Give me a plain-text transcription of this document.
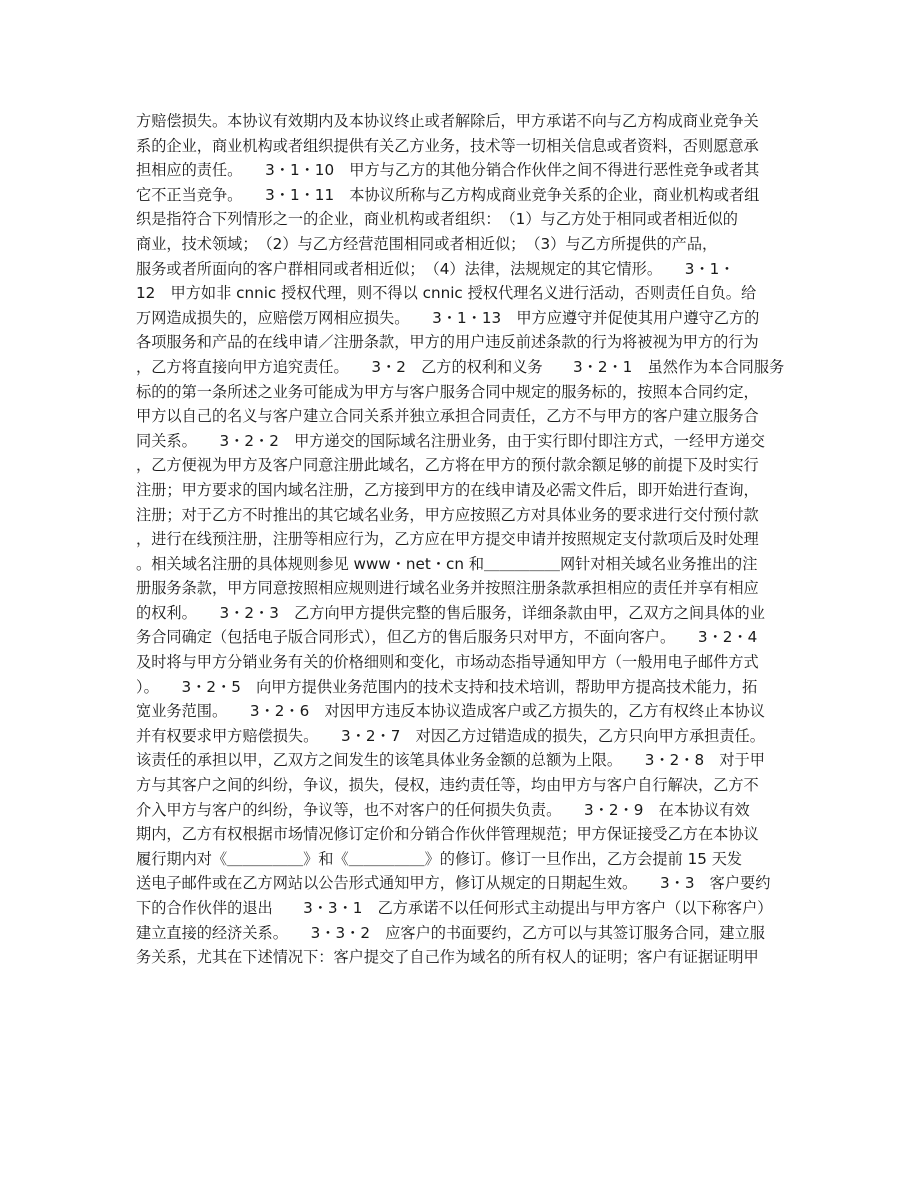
方赔偿损失。本协议有效期内及本协议终止或者解除后，甲方承诺不向与乙方构成商业竞争关
系的企业，商业机构或者组织提供有关乙方业务，技术等一切相关信息或者资料，否则愿意承
担相应的责任。　　3・1・10　甲方与乙方的其他分销合作伙伴之间不得进行恶性竞争或者其
它不正当竞争。　　3・1・11　本协议所称与乙方构成商业竞争关系的企业，商业机构或者组
织是指符合下列情形之一的企业，商业机构或者组织：　（1）与乙方处于相同或者相近似的
商业，技术领域；　（2）与乙方经营范围相同或者相近似；　（3）与乙方所提供的产品，
服务或者所面向的客户群相同或者相近似；　（4）法律，法规规定的其它情形。　　3・1・
12　甲方如非 cnnic 授权代理，则不得以 cnnic 授权代理名义进行活动，否则责任自负。给
万网造成损失的，应赔偿万网相应损失。　　3・1・13　甲方应遵守并促使其用户遵守乙方的
各项服务和产品的在线申请／注册条款，甲方的用户违反前述条款的行为将被视为甲方的行为
，乙方将直接向甲方追究责任。　　3・2　乙方的权利和义务　　3・2・1　虽然作为本合同服务
标的的第一条所述之业务可能成为甲方与客户服务合同中规定的服务标的，按照本合同约定，
甲方以自己的名义与客户建立合同关系并独立承担合同责任，乙方不与甲方的客户建立服务合
同关系。　　3・2・2　甲方递交的国际域名注册业务，由于实行即付即注方式，一经甲方递交
，乙方便视为甲方及客户同意注册此域名，乙方将在甲方的预付款余额足够的前提下及时实行
注册；甲方要求的国内域名注册，乙方接到甲方的在线申请及必需文件后，即开始进行查询，
注册；对于乙方不时推出的其它域名业务，甲方应按照乙方对具体业务的要求进行交付预付款
，进行在线预注册，注册等相应行为，乙方应在甲方提交申请并按照规定支付款项后及时处理
。相关域名注册的具体规则参见 www・net・cn 和＿＿＿＿＿网针对相关域名业务推出的注
册服务条款，甲方同意按照相应规则进行域名业务并按照注册条款承担相应的责任并享有相应
的权利。　　3・2・3　乙方向甲方提供完整的售后服务，详细条款由甲，乙双方之间具体的业
务合同确定（包括电子版合同形式），但乙方的售后服务只对甲方，不面向客户。　　3・2・4
及时将与甲方分销业务有关的价格细则和变化，市场动态指导通知甲方（一般用电子邮件方式
）。　　3・2・5　向甲方提供业务范围内的技术支持和技术培训，帮助甲方提高技术能力，拓
宽业务范围。　　3・2・6　对因甲方违反本协议造成客户或乙方损失的，乙方有权终止本协议
并有权要求甲方赔偿损失。　　3・2・7　对因乙方过错造成的损失，乙方只向甲方承担责任。
该责任的承担以甲，乙双方之间发生的该笔具体业务金额的总额为上限。　　3・2・8　对于甲
方与其客户之间的纠纷，争议，损失，侵权，违约责任等，均由甲方与客户自行解决，乙方不
介入甲方与客户的纠纷，争议等，也不对客户的任何损失负责。　　3・2・9　在本协议有效
期内，乙方有权根据市场情况修订定价和分销合作伙伴管理规范；甲方保证接受乙方在本协议
履行期内对《＿＿＿＿＿》和《＿＿＿＿＿》的修订。修订一旦作出，乙方会提前 15 天发
送电子邮件或在乙方网站以公告形式通知甲方，修订从规定的日期起生效。　　3・3　客户要约
下的合作伙伴的退出　　3・3・1　乙方承诺不以任何形式主动提出与甲方客户（以下称客户）
建立直接的经济关系。　　3・3・2　应客户的书面要约，乙方可以与其签订服务合同，建立服
务关系，尤其在下述情况下：客户提交了自己作为域名的所有权人的证明；客户有证据证明甲
